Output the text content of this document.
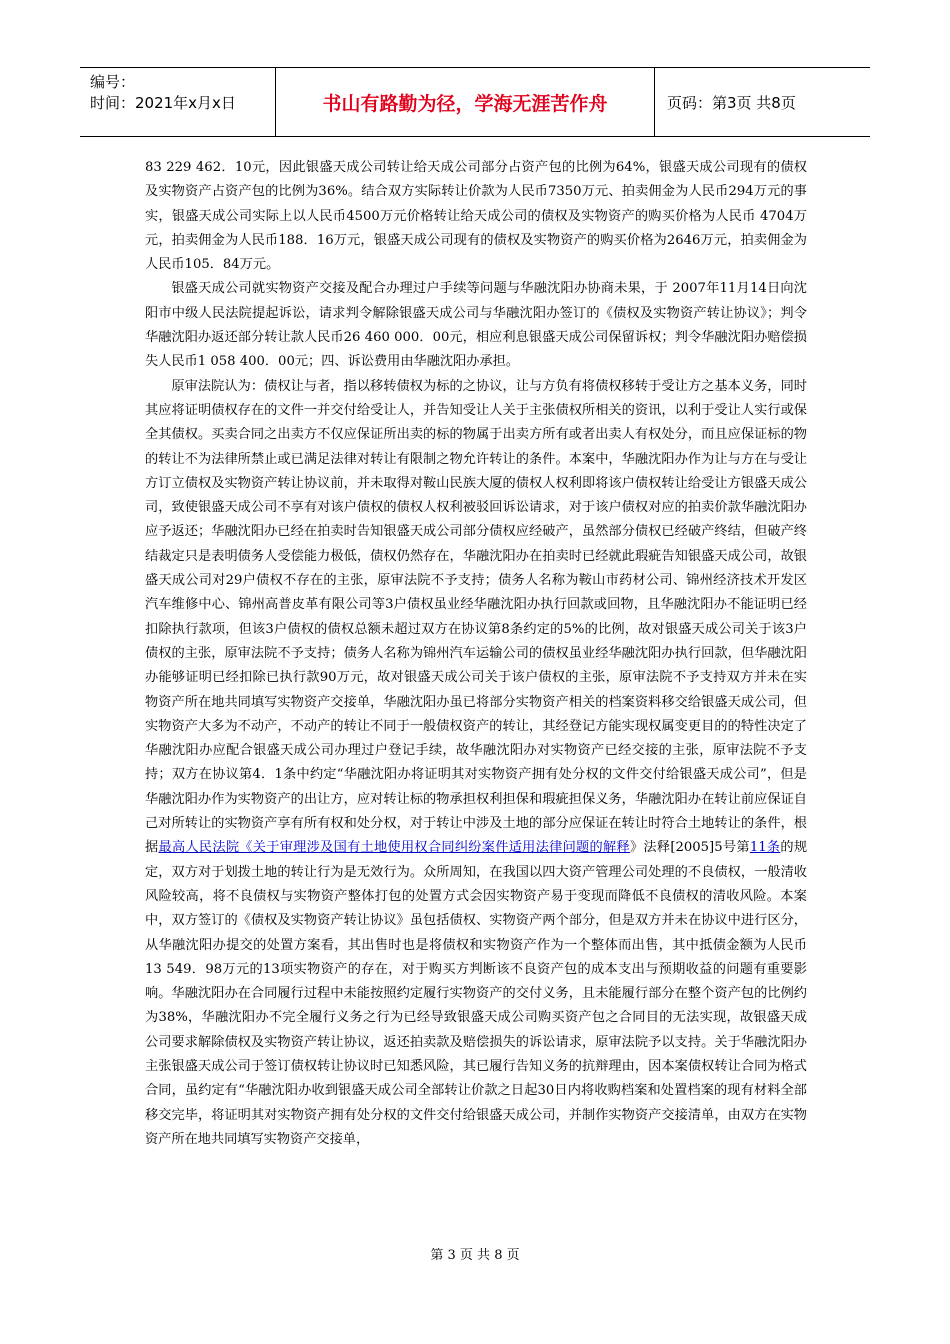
编号：
时间：2021年x月x日	书山有路勤为径，学海无涯苦作舟	页码：第3页 共8页

83 229 462．10元，因此银盛天成公司转让给天成公司部分占资产包的比例为64%，银盛天成公司现有的债权及实物资产占资产包的比例为36%。结合双方实际转让价款为人民币7350万元、拍卖佣金为人民币294万元的事实，银盛天成公司实际上以人民币4500万元价格转让给天成公司的债权及实物资产的购买价格为人民币 4704万元，拍卖佣金为人民币188．16万元，银盛天成公司现有的债权及实物资产的购买价格为2646万元，拍卖佣金为人民币105．84万元。

银盛天成公司就实物资产交接及配合办理过户手续等问题与华融沈阳办协商未果，于 2007年11月14日向沈阳市中级人民法院提起诉讼，请求判令解除银盛天成公司与华融沈阳办签订的《债权及实物资产转让协议》；判令华融沈阳办返还部分转让款人民币26 460 000．00元，相应利息银盛天成公司保留诉权；判令华融沈阳办赔偿损失人民币1 058 400．00元；四、诉讼费用由华融沈阳办承担。

原审法院认为：债权让与者，指以移转债权为标的之协议，让与方负有将债权移转于受让方之基本义务，同时其应将证明债权存在的文件一并交付给受让人，并告知受让人关于主张债权所相关的资讯，以利于受让人实行或保全其债权。买卖合同之出卖方不仅应保证所出卖的标的物属于出卖方所有或者出卖人有权处分，而且应保证标的物的转让不为法律所禁止或已满足法律对转让有限制之物允许转让的条件。本案中，华融沈阳办作为让与方在与受让方订立债权及实物资产转让协议前，并未取得对鞍山民族大厦的债权人权利即将该户债权转让给受让方银盛天成公司，致使银盛天成公司不享有对该户债权的债权人权利被驳回诉讼请求，对于该户债权对应的拍卖价款华融沈阳办应予返还；华融沈阳办已经在拍卖时告知银盛天成公司部分债权应经破产，虽然部分债权已经破产终结，但破产终结裁定只是表明债务人受偿能力极低，债权仍然存在，华融沈阳办在拍卖时已经就此瑕疵告知银盛天成公司，故银盛天成公司对29户债权不存在的主张，原审法院不予支持；债务人名称为鞍山市药材公司、锦州经济技术开发区汽车维修中心、锦州高普皮革有限公司等3户债权虽业经华融沈阳办执行回款或回物，且华融沈阳办不能证明已经扣除执行款项，但该3户债权的债权总额未超过双方在协议第8条约定的5%的比例，故对银盛天成公司关于该3户债权的主张，原审法院不予支持；债务人名称为锦州汽车运输公司的债权虽业经华融沈阳办执行回款，但华融沈阳办能够证明已经扣除已执行款90万元，故对银盛天成公司关于该户债权的主张，原审法院不予支持双方并未在实物资产所在地共同填写实物资产交接单，华融沈阳办虽已将部分实物资产相关的档案资料移交给银盛天成公司，但实物资产大多为不动产，不动产的转让不同于一般债权资产的转让，其经登记方能实现权属变更目的的特性决定了华融沈阳办应配合银盛天成公司办理过户登记手续，故华融沈阳办对实物资产已经交接的主张，原审法院不予支持；双方在协议第4．1条中约定“华融沈阳办将证明其对实物资产拥有处分权的文件交付给银盛天成公司”，但是华融沈阳办作为实物资产的出让方，应对转让标的物承担权利担保和瑕疵担保义务，华融沈阳办在转让前应保证自己对所转让的实物资产享有所有权和处分权，对于转让中涉及土地的部分应保证在转让时符合土地转让的条件，根据最高人民法院《关于审理涉及国有土地使用权合同纠纷案件适用法律问题的解释》法释[2005]5号第11条的规定，双方对于划拨土地的转让行为是无效行为。众所周知，在我国以四大资产管理公司处理的不良债权，一般清收风险较高，将不良债权与实物资产整体打包的处置方式会因实物资产易于变现而降低不良债权的清收风险。本案中，双方签订的《债权及实物资产转让协议》虽包括债权、实物资产两个部分，但是双方并未在协议中进行区分，从华融沈阳办提交的处置方案看，其出售时也是将债权和实物资产作为一个整体而出售，其中抵债金额为人民币13 549．98万元的13项实物资产的存在，对于购买方判断该不良资产包的成本支出与预期收益的问题有重要影响。华融沈阳办在合同履行过程中未能按照约定履行实物资产的交付义务，且未能履行部分在整个资产包的比例约为38%，华融沈阳办不完全履行义务之行为已经导致银盛天成公司购买资产包之合同目的无法实现，故银盛天成公司要求解除债权及实物资产转让协议，返还拍卖款及赔偿损失的诉讼请求，原审法院予以支持。关于华融沈阳办主张银盛天成公司于签订债权转让协议时已知悉风险，其已履行告知义务的抗辩理由，因本案债权转让合同为格式合同，虽约定有“华融沈阳办收到银盛天成公司全部转让价款之日起30日内将收购档案和处置档案的现有材料全部移交完毕，将证明其对实物资产拥有处分权的文件交付给银盛天成公司，并制作实物资产交接清单，由双方在实物资产所在地共同填写实物资产交接单，

第 3 页 共 8 页
